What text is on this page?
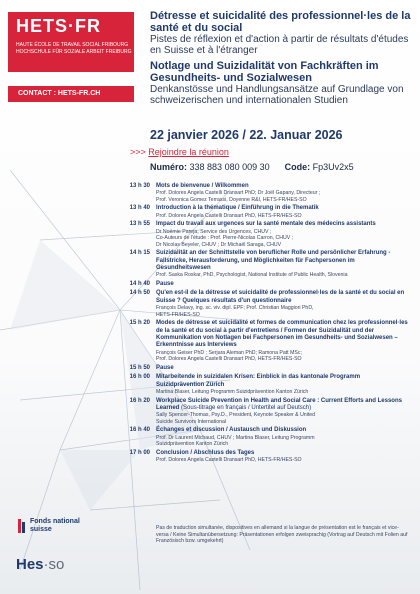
HETS·FR
HAUTE ÉCOLE DE TRAVAIL SOCIAL FRIBOURG
HOCHSCHULE FÜR SOZIALE ARBEIT FREIBURG
CONTACT : HETS-FR.CH
Détresse et suicidalité des professionnel·les de la santé et du social
Pistes de réflexion et d'action à partir de résultats d'études en Suisse et à l'étranger
Notlage und Suizidalität von Fachkräften im Gesundheits- und Sozialwesen
Denkanstösse und Handlungsansätze auf Grundlage von schweizerischen und internationalen Studien
22 janvier 2026 / 22. Januar 2026
>>> Rejoindre la réunion
Numéro: 338 883 080 009 30 Code: Fp3Uv2x5
13 h 30 Mots de bienvenue / Wilkommen
Prof. Dolores Angela Castelli Dransart PhD; Dr Joël Gapany, Directeur ;
Prof. Veronica Gomez Terrassi, Doyenne R&I, HETS-FR/HES-SO
13 h 40 Introduction à la thématique / Einführung in die Thematik
Prof. Dolores Angela Castelli Dransart PhD, HETS-FR/HES-SO
13 h 55 Impact du travail aux urgences sur la santé mentale des médecins assistants
Dr Noémie Pareja, Service des Urgences, CHUV ;
Co-Auteurs de l'étude : Prof. Pierre-Nicolas Carron, CHUV ;
Dr Nicolas Beyeler, CHUV ; Dr Michaël Saraga, CHUV
14 h 15 Suizidalität an der Schnittstelle von beruflicher Rolle und persönlicher Erfahrung - Fallstricke, Herausforderung, und Möglichkeiten für Fachpersonen im Gesundheitswesen
Prof. Saska Roskar, PhD, Psychologist, National Institute of Public Health, Slovenia
14 h 40 Pause
14 h 50 Qu'en est-il de la détresse et suicidalité de professionnel·les de la santé et du social en Suisse ? Quelques résultats d'un questionnaire
François Delavy, ing. sc. viv. dipl. EPF; Prof. Christian Maggiori PhD,
HETS-FR/HES-SO
15 h 20 Modes de détresse et suicidalité et formes de communication chez les professionnel·les de la santé et du social à partir d'entretiens / Formen der Suizidalität und der Kommunikation von Notlagen bei Fachpersonen im Gesundheits- und Sozialwesen – Erkenntnisse aus Interviews
François Geiser PhD ; Serjara Aleman PhD; Ramona Patt MSc;
Prof. Dolores Angela Castelli Dransart PhD, HETS-FR/HES-SO
15 h 50 Pause
16 h 00 Mitarbeitende in suizidalen Krisen: Einblick in das kantonale Programm Suizidprävention Zürich
Martina Blaser, Leitung Programm Suizidprävention Kanton Zürich
16 h 20 Workplace Suicide Prevention in Health and Social Care : Current Efforts and Lessons Learned (Sous-titrage en français / Untertitel auf Deutsch)
Sally Spencer-Thomas, Psy.D., President, Keynote Speaker & United
Suicide Survivors International
16 h 40 Échanges et discussion / Austausch und Diskussion
Prof. Dr Laurent Michaud, CHUV ; Martina Blaser, Leitung Programm
Suizidprävention Kanton Zürich
17 h 00 Conclusion / Abschluss des Tages
Prof. Dolores Angela Castelli Dransart PhD, HETS-FR/HES-SO
Pas de traduction simultanée, dispositives en allemand si la langue de présentation est le français et vice-versa / Keine Simultanübersetzung: Präsentationen erfolgen zweisprachig (Vortrag auf Deutsch mit Folien auf Französisch bzw. umgekehrt)
Fonds national
suisse
Hes·so
